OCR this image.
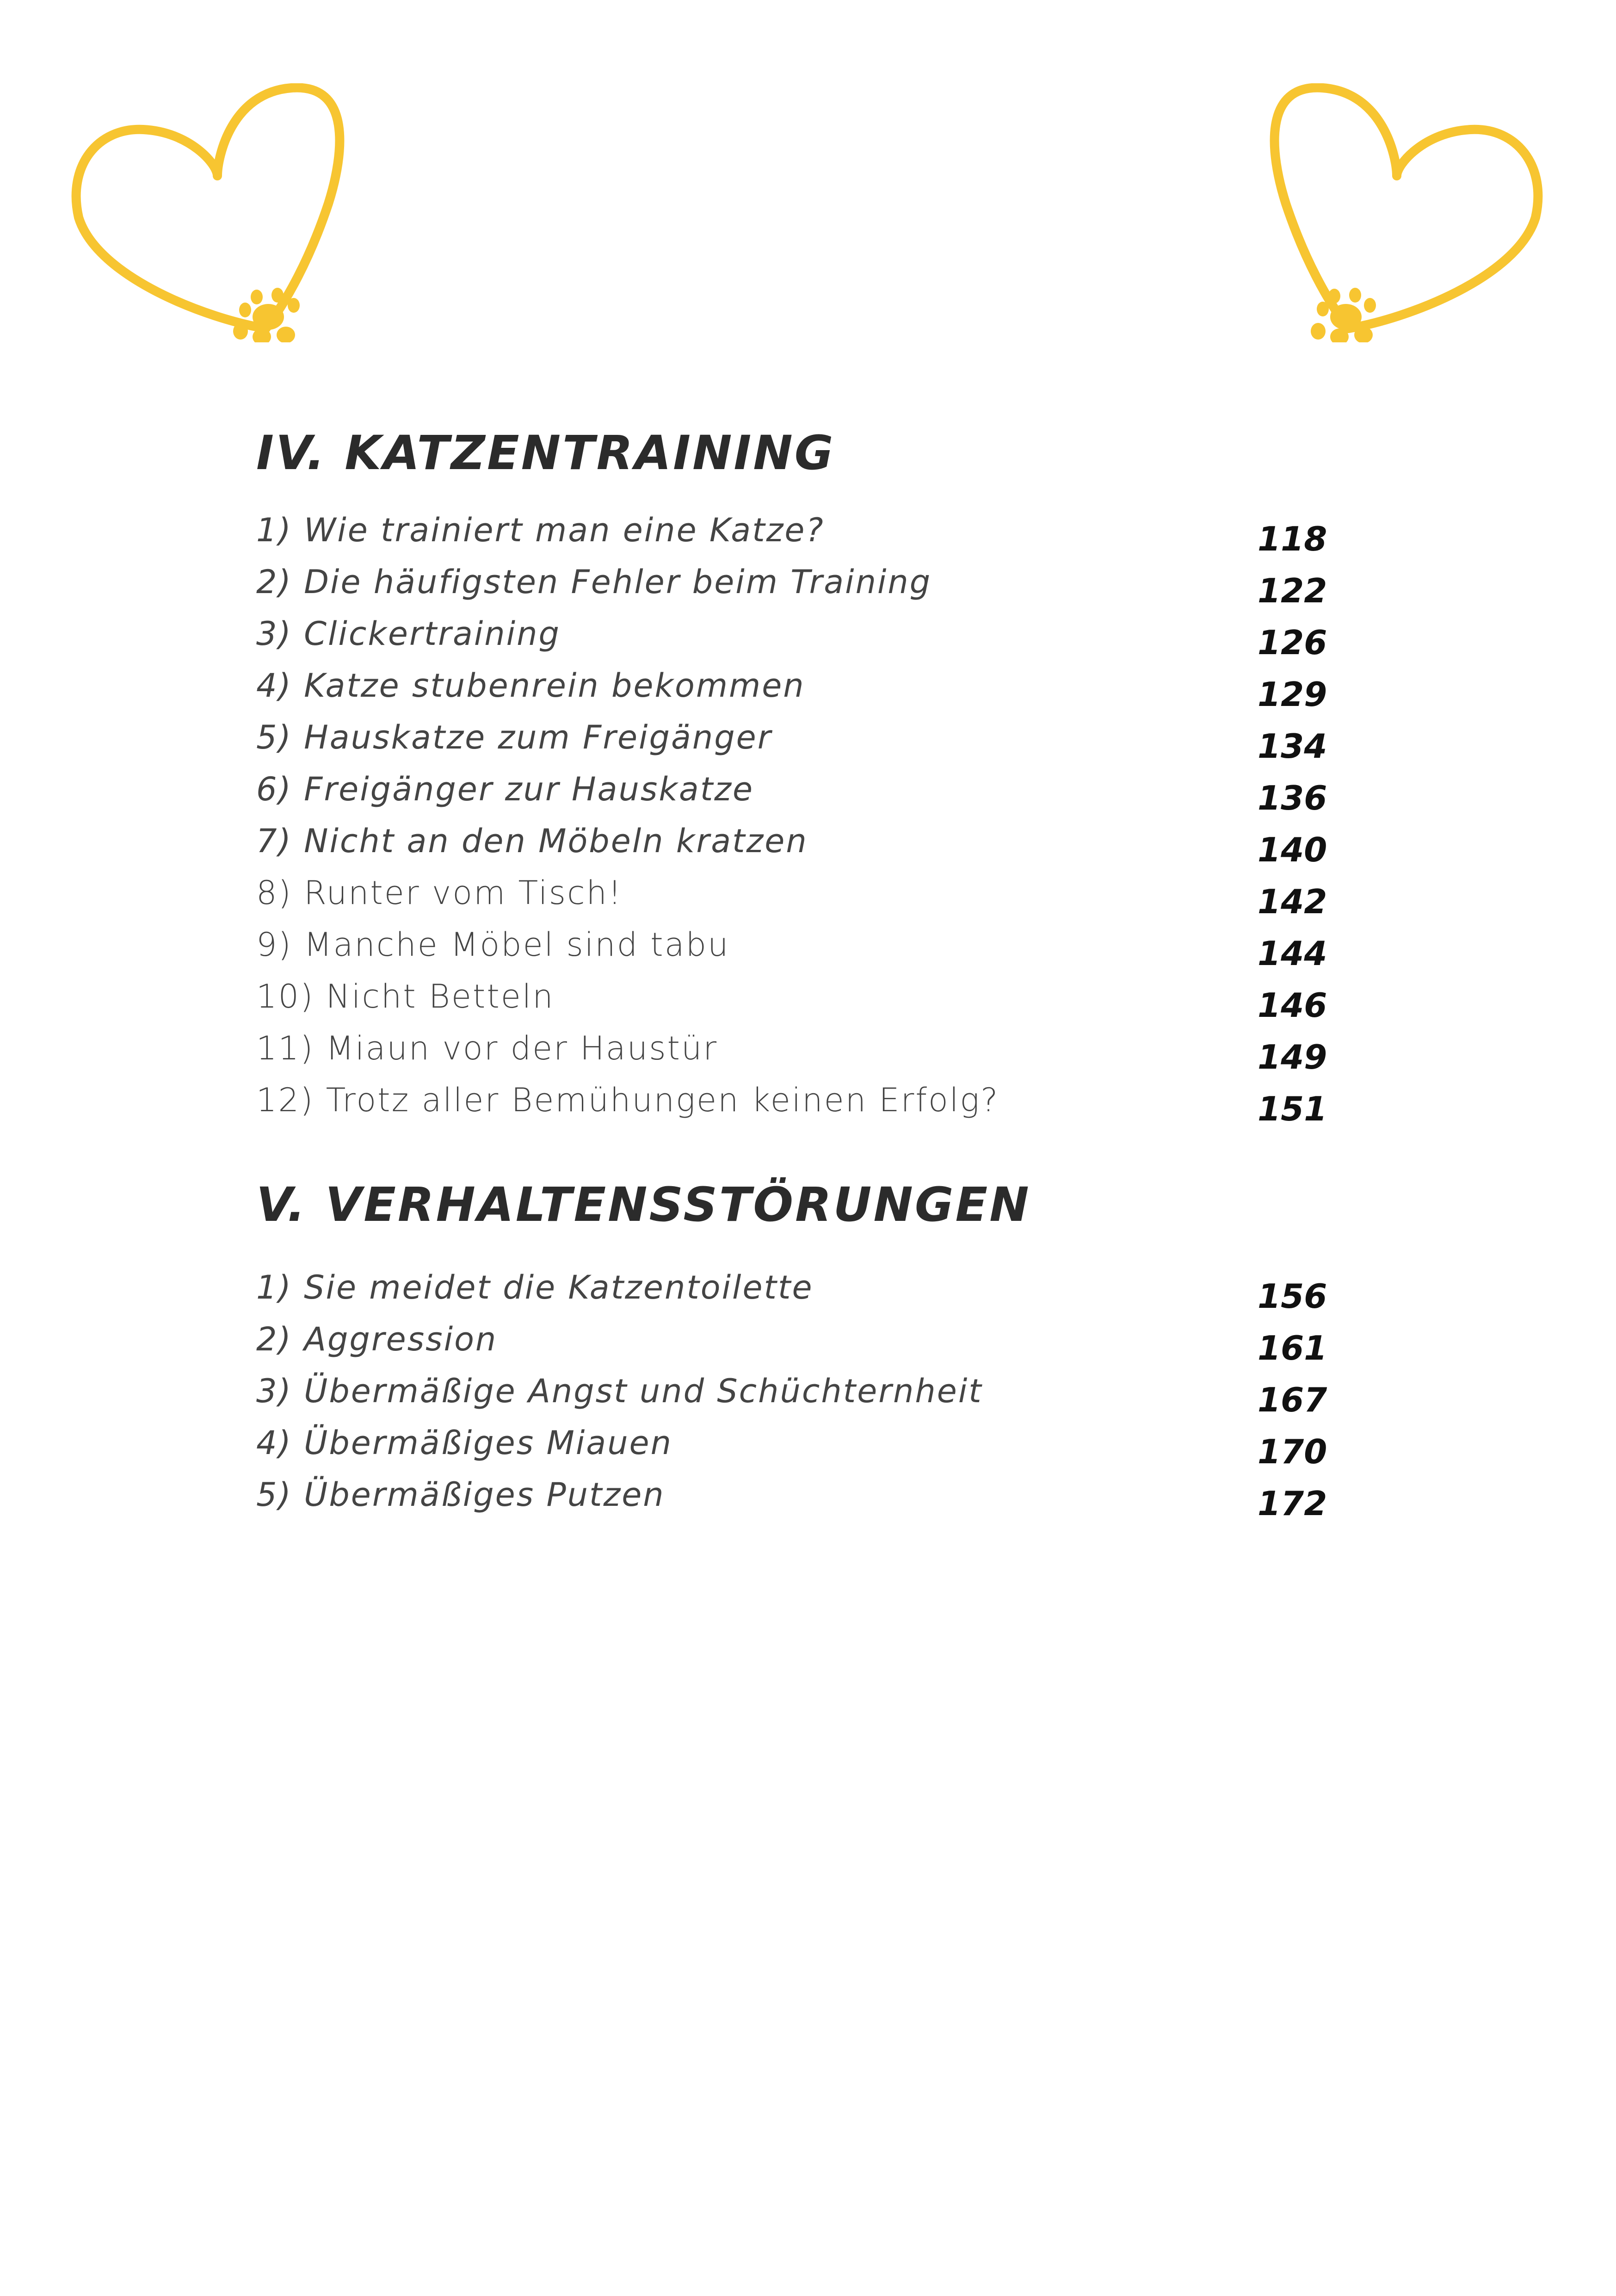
IV. KATZENTRAINING
1) Wie trainiert man eine Katze?	118
2) Die häufigsten Fehler beim Training	122
3) Clickertraining	126
4) Katze stubenrein bekommen	129
5) Hauskatze zum Freigänger	134
6) Freigänger zur Hauskatze	136
7) Nicht an den Möbeln kratzen	140
8) Runter vom Tisch!	142
9) Manche Möbel sind tabu	144
10) Nicht Betteln	146
11) Miaun vor der Haustür	149
12) Trotz aller Bemühungen keinen Erfolg?	151
V. VERHALTENSSTÖRUNGEN
1) Sie meidet die Katzentoilette	156
2) Aggression	161
3) Übermäßige Angst und Schüchternheit	167
4) Übermäßiges Miauen	170
5) Übermäßiges Putzen	172
